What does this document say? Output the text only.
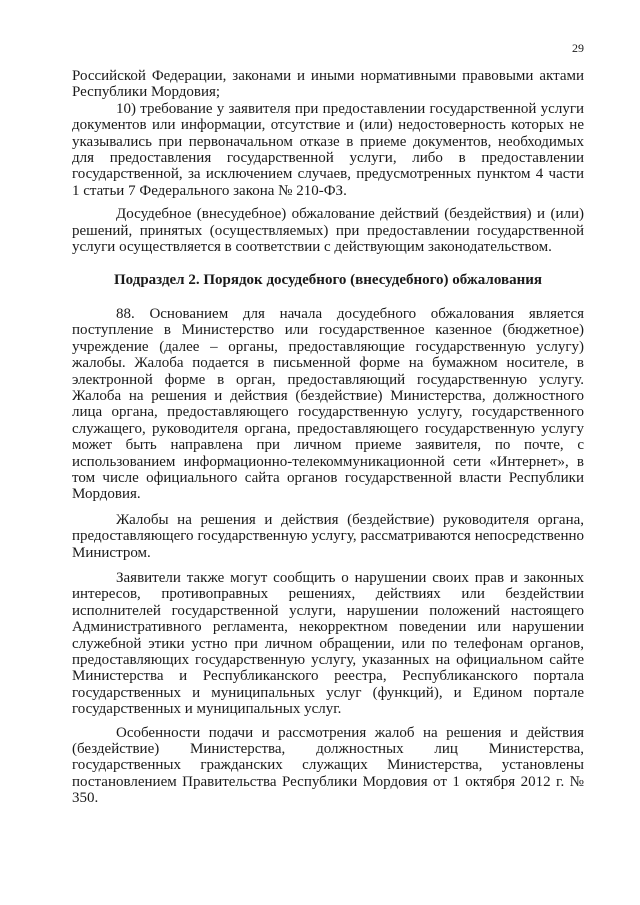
29

Российской Федерации, законами и иными нормативными правовыми актами Республики Мордовия;

10) требование у заявителя при предоставлении государственной услуги документов или информации, отсутствие и (или) недостоверность которых не указывались при первоначальном отказе в приеме документов, необходимых для предоставления государственной услуги, либо в предоставлении государственной, за исключением случаев, предусмотренных пунктом 4 части 1 статьи 7 Федерального закона № 210-ФЗ.

Досудебное (внесудебное) обжалование действий (бездействия) и (или) решений, принятых (осуществляемых) при предоставлении государственной услуги осуществляется в соответствии с действующим законодательством.

Подраздел 2. Порядок досудебного (внесудебного) обжалования

88. Основанием для начала досудебного обжалования является поступление в Министерство или государственное казенное (бюджетное) учреждение (далее – органы, предоставляющие государственную услугу) жалобы. Жалоба подается в письменной форме на бумажном носителе, в электронной форме в орган, предоставляющий государственную услугу. Жалоба на решения и действия (бездействие) Министерства, должностного лица органа, предоставляющего государственную услугу, государственного служащего, руководителя органа, предоставляющего государственную услугу может быть направлена при личном приеме заявителя, по почте, с использованием информационно-телекоммуникационной сети «Интернет», в том числе официального сайта органов государственной власти Республики Мордовия.

Жалобы на решения и действия (бездействие) руководителя органа, предоставляющего государственную услугу, рассматриваются непосредственно Министром.

Заявители также могут сообщить о нарушении своих прав и законных интересов, противоправных решениях, действиях или бездействии исполнителей государственной услуги, нарушении положений настоящего Административного регламента, некорректном поведении или нарушении служебной этики устно при личном обращении, или по телефонам органов, предоставляющих государственную услугу, указанных на официальном сайте Министерства и Республиканского реестра, Республиканского портала государственных и муниципальных услуг (функций), и Едином портале государственных и муниципальных услуг.

Особенности подачи и рассмотрения жалоб на решения и действия (бездействие) Министерства, должностных лиц Министерства, государственных гражданских служащих Министерства, установлены постановлением Правительства Республики Мордовия от 1 октября 2012 г. № 350.
